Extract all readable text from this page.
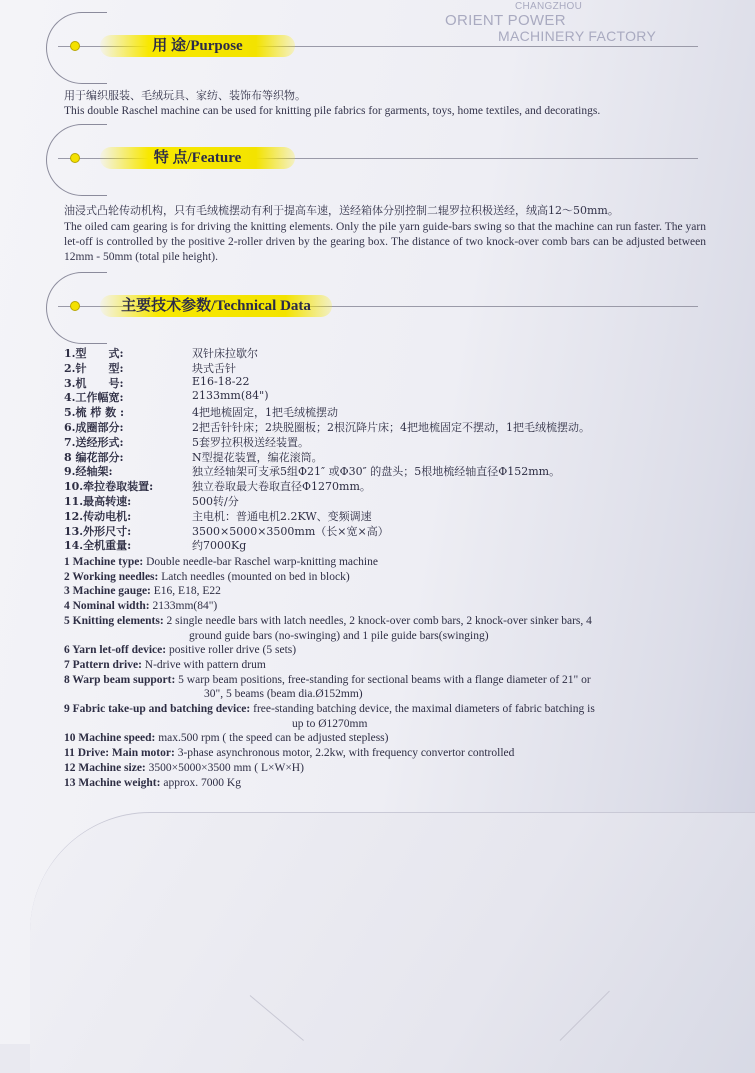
CHANGZHOU
ORIENT POWER
MACHINERY FACTORY
用 途/Purpose

用于编织服装、毛绒玩具、家纺、装饰布等织物。

This double Raschel machine can be used for knitting pile fabrics for garments, toys, home textiles, and decoratings.

特 点/Feature

油浸式凸轮传动机构，只有毛绒梳摆动有利于提高车速，送经箱体分别控制二辊罗拉积极送经，绒高12～50mm。

The oiled cam gearing is for driving the knitting elements. Only the pile yarn guide-bars swing so that the machine can run faster. The yarn let-off is controlled by the positive 2-roller driven by the gearing box. The distance of two knock-over comb bars can be adjusted between 12mm - 50mm (total pile height).

主要技术参数/Technical Data
1.型　　式:	双针床拉歇尔
2.针　　型:	块式舌针
3.机　　号:	E16-18-22
4.工作幅宽:	2133mm(84")
5.梳 栉 数 :	4把地梳固定，1把毛绒梳摆动
6.成圈部分:	2把舌针针床；2块脱圈板；2根沉降片床；4把地梳固定不摆动，1把毛绒梳摆动。
7.送经形式:	5套罗拉积极送经装置。
8 编花部分:	N型提花装置，编花滚筒。
9.经轴架:	独立经轴架可支承5组Φ21″ 或Φ30″ 的盘头；5根地梳经轴直径Φ152mm。
10.牵拉卷取装置:	独立卷取最大卷取直径Φ1270mm。
11.最高转速:	500转/分
12.传动电机:	主电机：普通电机2.2KW、变频调速
13.外形尺寸:	3500×5000×3500mm（长×宽×高）
14.全机重量:	约7000Kg
1 Machine type: Double needle-bar Raschel warp-knitting machine
2 Working needles: Latch needles (mounted on bed in block)
3 Machine gauge: E16, E18, E22
4 Nominal width: 2133mm(84")
5 Knitting elements: 2 single needle bars with latch needles, 2 knock-over comb bars, 2 knock-over sinker bars, 4
ground guide bars (no-swinging) and 1 pile guide bars(swinging)
6 Yarn let-off device: positive roller drive (5 sets)
7 Pattern drive: N-drive with pattern drum
8 Warp beam support: 5 warp beam positions, free-standing for sectional beams with a flange diameter of 21" or
30", 5 beams (beam dia.Ø152mm)
9 Fabric take-up and batching device: free-standing batching device, the maximal diameters of fabric batching is
up to Ø1270mm
10 Machine speed: max.500 rpm ( the speed can be adjusted stepless)
11 Drive: Main motor: 3-phase asynchronous motor, 2.2kw, with frequency convertor controlled
12 Machine size: 3500×5000×3500 mm ( L×W×H)
13 Machine weight: approx. 7000 Kg
